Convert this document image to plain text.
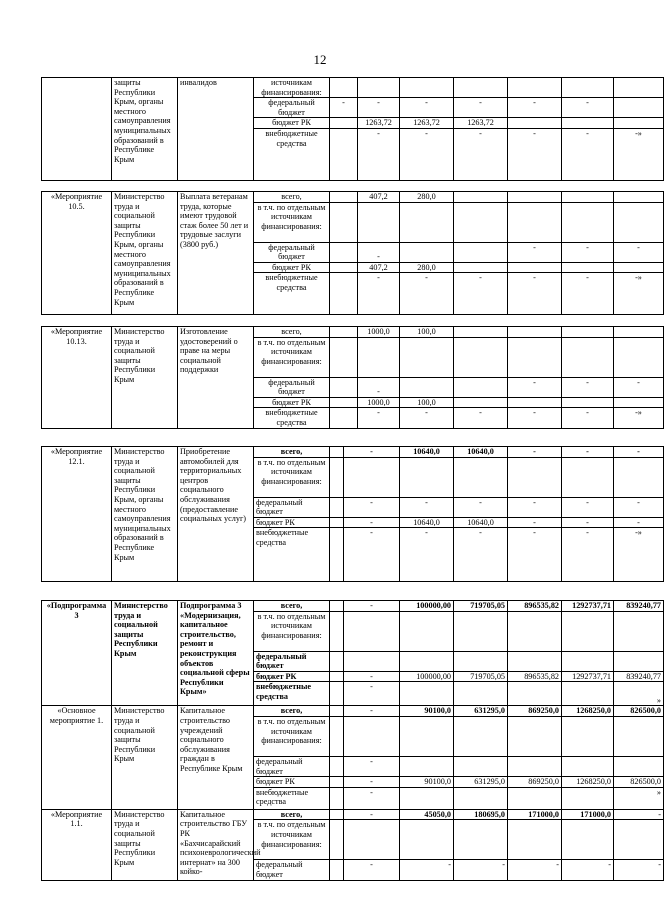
12
	защиты Республики Крым, органы местного самоуправления муниципальных образований в Республике Крым	инвалидов	источникам финансирования:							
			федеральный бюджет	-	-	-	-	-	-	
			бюджет РК		1263,72	1263,72	1263,72			
			внебюджетные средства		-	-	-	-	-	-»
«Мероприятие 10.5.	Министерство труда и социальной защиты Республики Крым, органы местного самоуправления муниципальных образований в Республике Крым	Выплата ветеранам труда, которые имеют трудовой стаж более 50 лет и трудовые заслуги (3800 руб.)	всего,		407,2	280,0				
			в т.ч. по отдельным источникам финансирования:							
			федеральный бюджет		-			-	-	-
			бюджет РК		407,2	280,0				
			внебюджетные средства		-	-	-	-	-	-»
«Мероприятие 10.13.	Министерство труда и социальной защиты Республики Крым	Изготовление удостоверений о праве на меры социальной поддержки	всего,		1000,0	100,0				
			в т.ч. по отдельным источникам финансирования:							
			федеральный бюджет		-			-	-	-
			бюджет РК		1000,0	100,0				
			внебюджетные средства		-	-	-	-	-	-»
«Мероприятие 12.1.	Министерство труда и социальной защиты Республики Крым, органы местного самоуправления муниципальных образований в Республике Крым	Приобретение автомобилей для территориальных центров социального обслуживания (предоставление социальных услуг)	всего,		-	10640,0	10640,0	-	-	-
			в т.ч. по отдельным источникам финансирования:							
			федеральный бюджет		-	-	-	-	-	-
			бюджет РК		-	10640,0	10640,0	-	-	-
			внебюджетные средства		-	-	-	-	-	-»
«Подпрограмма 3	Министерство труда и социальной защиты Республики Крым	Подпрограмма 3 «Модернизация, капитальное строительство, ремонт и реконструкция объектов социальной сферы Республики Крым»	всего,		-	100000,00	719705,05	896535,82	1292737,71	839240,77
			в т.ч. по отдельным источникам финансирования:							
			федеральный бюджет							
			бюджет РК		-	100000,00	719705,05	896535,82	1292737,71	839240,77
			внебюджетные средства		-					»
«Основное мероприятие 1.	Министерство труда и социальной защиты Республики Крым	Капитальное строительство учреждений социального обслуживания граждан в Республике Крым	всего,		-	90100,0	631295,0	869250,0	1268250,0	826500,0
			в т.ч. по отдельным источникам финансирования:							
			федеральный бюджет		-					
			бюджет РК		-	90100,0	631295,0	869250,0	1268250,0	826500,0
			внебюджетные средства		-					»
«Мероприятие 1.1.	Министерство труда и социальной защиты Республики Крым	Капитальное строительство ГБУ РК «Бахчисарайский психоневрологический интернат» на 300 койко-	всего,		-	45050,0	180695,0	171000,0	171000,0	-
			в т.ч. по отдельным источникам финансирования:							
			федеральный бюджет		-	-	-	-	-	-
